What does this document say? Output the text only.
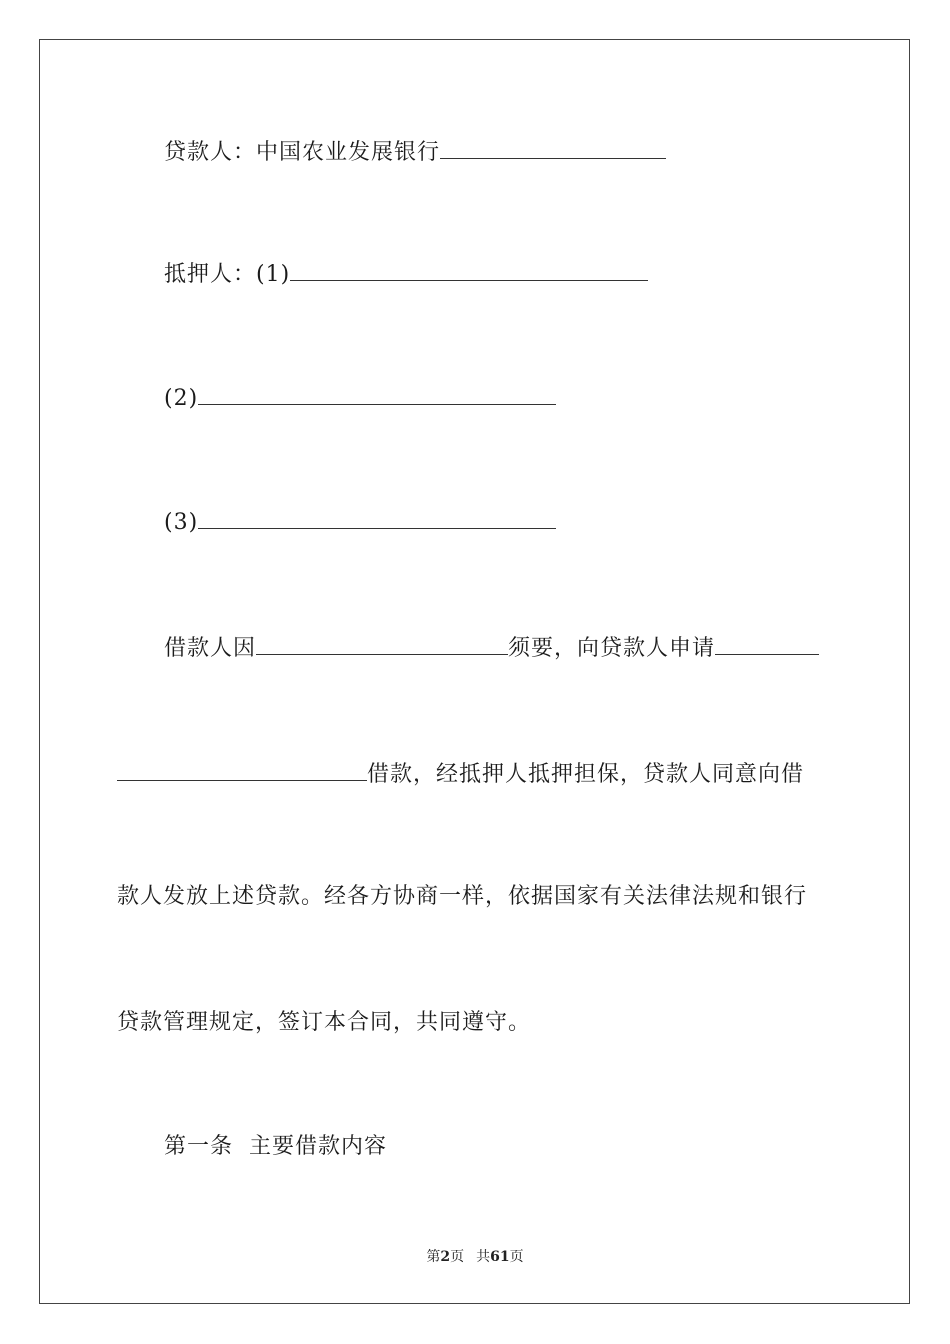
贷款人：中国农业发展银行
抵押人：(1)
(2)
(3)
借款人因	须要，向贷款人申请
借款，经抵押人抵押担保，贷款人同意向借
款人发放上述贷款。经各方协商一样，依据国家有关法律法规和银行
贷款管理规定，签订本合同，共同遵守。
第一条  主要借款内容
第2页 共61页
